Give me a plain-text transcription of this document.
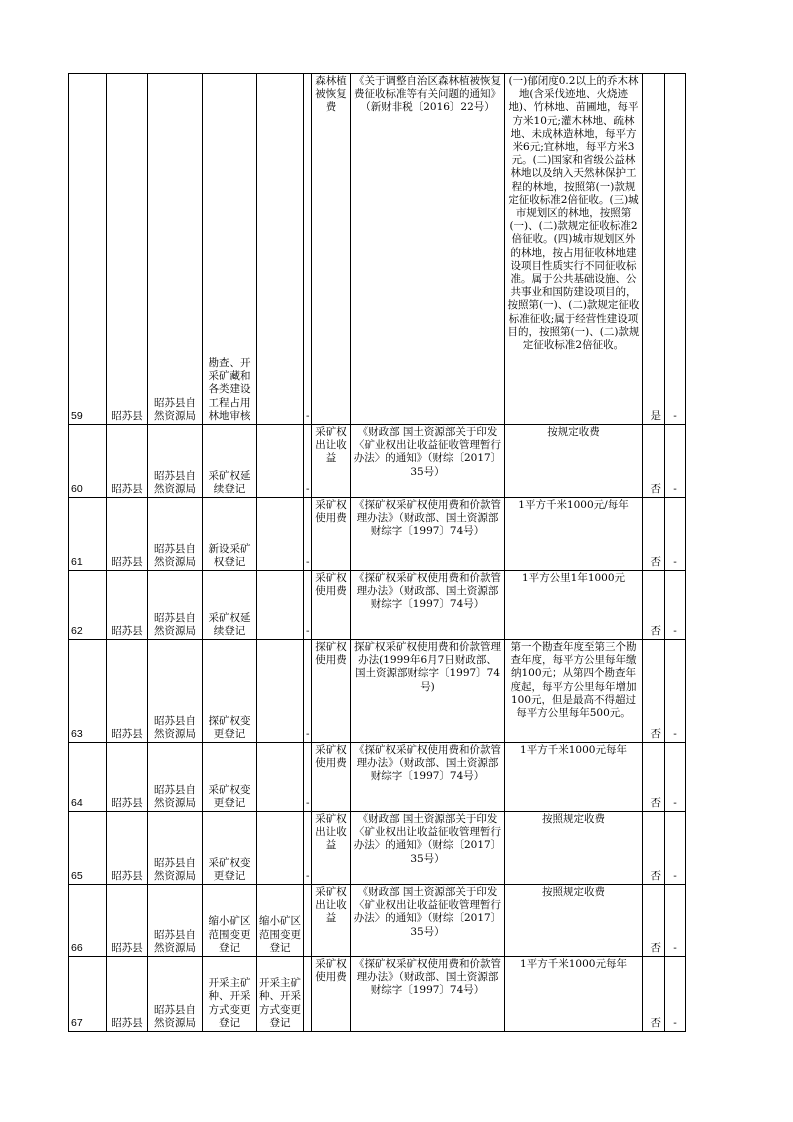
59	昭苏县	昭苏县自然资源局	勘查、开采矿藏和各类建设工程占用林地审核		-	森林植被恢复费	《关于调整自治区森林植被恢复费征收标准等有关问题的通知》（新财非税〔2016〕22号）	(一)郁闭度0.2以上的乔木林地(含采伐迹地、火烧迹地)、竹林地、苗圃地，每平方米10元;灌木林地、疏林地、未成林造林地，每平方米6元;宜林地，每平方米3元。(二)国家和省级公益林林地以及纳入天然林保护工程的林地，按照第(一)款规定征收标准2倍征收。(三)城市规划区的林地，按照第(一)、(二)款规定征收标准2倍征收。(四)城市规划区外的林地，按占用征收林地建设项目性质实行不同征收标准。属于公共基础设施、公共事业和国防建设项目的，按照第(一)、(二)款规定征收标准征收;属于经营性建设项目的，按照第(一)、(二)款规定征收标准2倍征收。	是	-
60	昭苏县	昭苏县自然资源局	采矿权延续登记		-	采矿权出让收益	《财政部 国土资源部关于印发〈矿业权出让收益征收管理暂行办法〉的通知》（财综〔2017〕35号）	按规定收费	否	-
61	昭苏县	昭苏县自然资源局	新设采矿权登记		-	采矿权使用费	《探矿权采矿权使用费和价款管理办法》（财政部、国土资源部财综字〔1997〕74号）	1平方千米1000元/每年	否	-
62	昭苏县	昭苏县自然资源局	采矿权延续登记		-	采矿权使用费	《探矿权采矿权使用费和价款管理办法》（财政部、国土资源部财综字〔1997〕74号）	1平方公里1年1000元	否	-
63	昭苏县	昭苏县自然资源局	探矿权变更登记		-	探矿权使用费	探矿权采矿权使用费和价款管理办法(1999年6月7日财政部、国土资源部财综字〔1997〕74号)	第一个勘查年度至第三个勘查年度，每平方公里每年缴纳100元；从第四个勘查年度起，每平方公里每年增加100元，但是最高不得超过每平方公里每年500元。	否	-
64	昭苏县	昭苏县自然资源局	采矿权变更登记		-	采矿权使用费	《探矿权采矿权使用费和价款管理办法》（财政部、国土资源部财综字〔1997〕74号）	1平方千米1000元每年	否	-
65	昭苏县	昭苏县自然资源局	采矿权变更登记		-	采矿权出让收益	《财政部 国土资源部关于印发〈矿业权出让收益征收管理暂行办法〉的通知》（财综〔2017〕35号）	按照规定收费	否	-
66	昭苏县	昭苏县自然资源局	缩小矿区范围变更登记	缩小矿区范围变更登记		采矿权出让收益	《财政部 国土资源部关于印发〈矿业权出让收益征收管理暂行办法〉的通知》（财综〔2017〕35号）	按照规定收费	否	-
67	昭苏县	昭苏县自然资源局	开采主矿种、开采方式变更登记	开采主矿种、开采方式变更登记		采矿权使用费	《探矿权采矿权使用费和价款管理办法》（财政部、国土资源部财综字〔1997〕74号）	1平方千米1000元每年	否	-
